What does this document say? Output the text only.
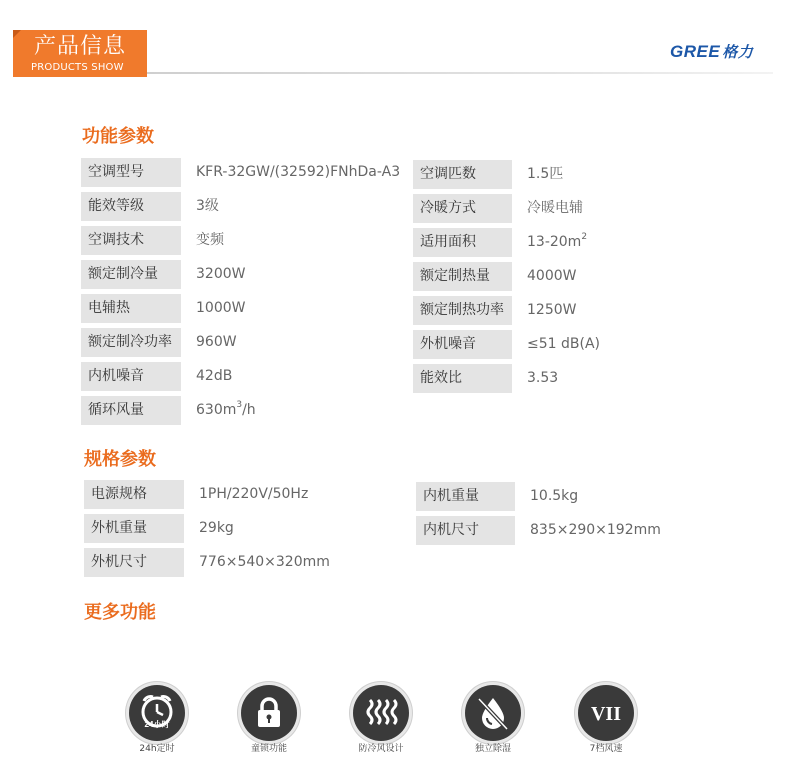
产品信息
PRODUCTS SHOW
GREE 格力
功能参数
规格参数
更多功能
空调型号	KFR-32GW/(32592)FNhDa-A3
能效等级	3级
空调技术	变频
额定制冷量	3200W
电辅热	1000W
额定制冷功率	960W
内机噪音	42dB
循环风量	$630m^3/h$
空调匹数	1.5匹
冷暖方式	冷暖电辅
适用面积	$13-20m^2$
额定制热量	4000W
额定制热功率	1250W
外机噪音	≤51 dB(A)
能效比	3.53
电源规格	1PH/220V/50Hz
外机重量	29kg
外机尺寸	776×540×320mm
内机重量	10.5kg
内机尺寸	835×290×192mm
24小时
24h定时	童锁功能	防冷风设计	独立除湿
VII
7档风速
